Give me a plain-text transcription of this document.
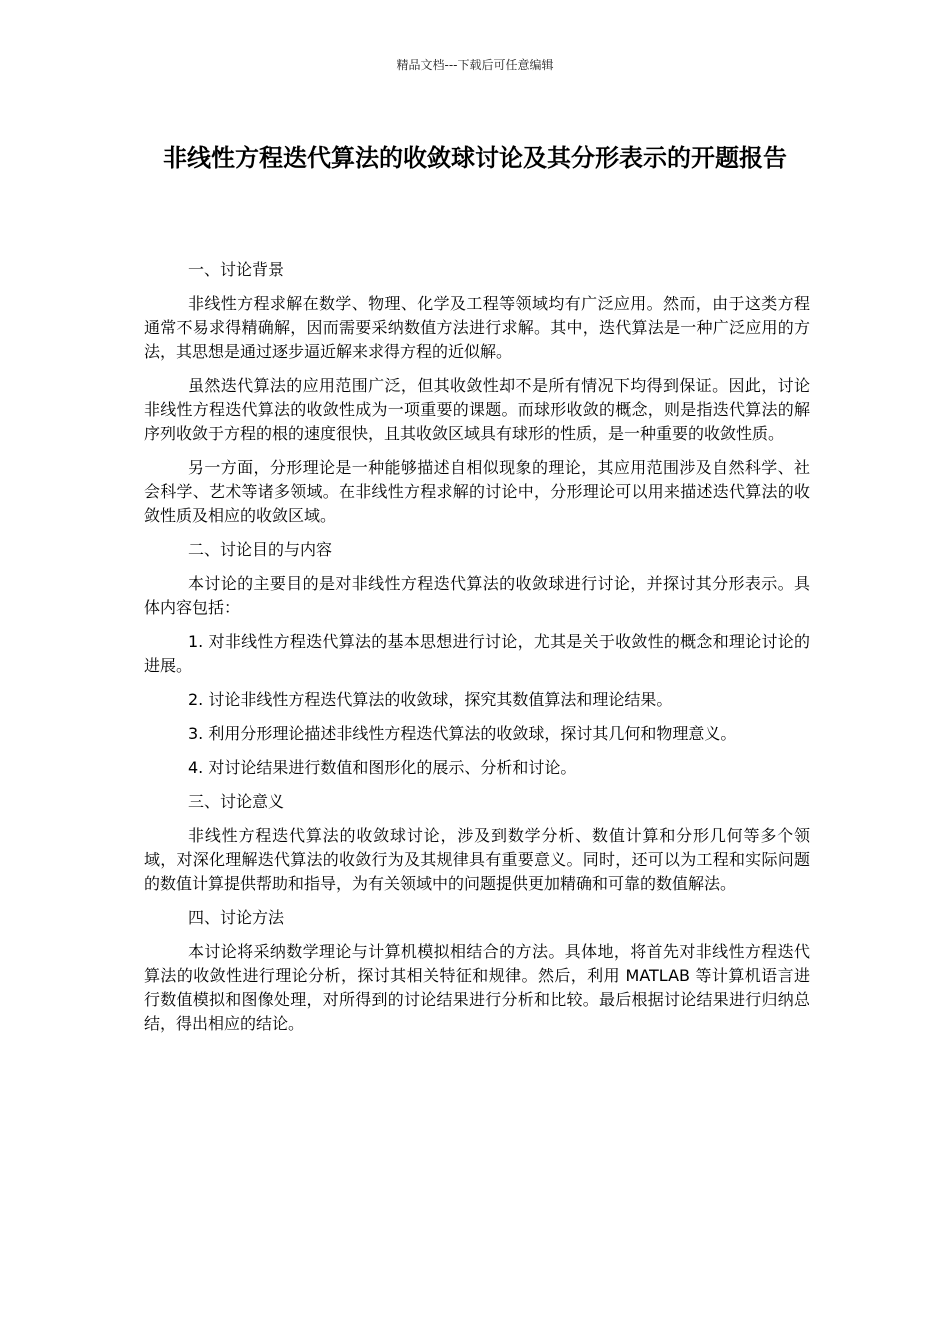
精品文档---下载后可任意编辑
非线性方程迭代算法的收敛球讨论及其分形表示的开题报告

一、讨论背景

非线性方程求解在数学、物理、化学及工程等领域均有广泛应用。然而，由于这类方程通常不易求得精确解，因而需要采纳数值方法进行求解。其中，迭代算法是一种广泛应用的方法，其思想是通过逐步逼近解来求得方程的近似解。

虽然迭代算法的应用范围广泛，但其收敛性却不是所有情况下均得到保证。因此，讨论非线性方程迭代算法的收敛性成为一项重要的课题。而球形收敛的概念，则是指迭代算法的解序列收敛于方程的根的速度很快，且其收敛区域具有球形的性质，是一种重要的收敛性质。

另一方面，分形理论是一种能够描述自相似现象的理论，其应用范围涉及自然科学、社会科学、艺术等诸多领域。在非线性方程求解的讨论中，分形理论可以用来描述迭代算法的收敛性质及相应的收敛区域。

二、讨论目的与内容

本讨论的主要目的是对非线性方程迭代算法的收敛球进行讨论，并探讨其分形表示。具体内容包括：

1. 对非线性方程迭代算法的基本思想进行讨论，尤其是关于收敛性的概念和理论讨论的进展。

2. 讨论非线性方程迭代算法的收敛球，探究其数值算法和理论结果。

3. 利用分形理论描述非线性方程迭代算法的收敛球，探讨其几何和物理意义。

4. 对讨论结果进行数值和图形化的展示、分析和讨论。

三、讨论意义

非线性方程迭代算法的收敛球讨论，涉及到数学分析、数值计算和分形几何等多个领域，对深化理解迭代算法的收敛行为及其规律具有重要意义。同时，还可以为工程和实际问题的数值计算提供帮助和指导，为有关领域中的问题提供更加精确和可靠的数值解法。

四、讨论方法

本讨论将采纳数学理论与计算机模拟相结合的方法。具体地，将首先对非线性方程迭代算法的收敛性进行理论分析，探讨其相关特征和规律。然后，利用 MATLAB 等计算机语言进行数值模拟和图像处理，对所得到的讨论结果进行分析和比较。最后根据讨论结果进行归纳总结，得出相应的结论。
